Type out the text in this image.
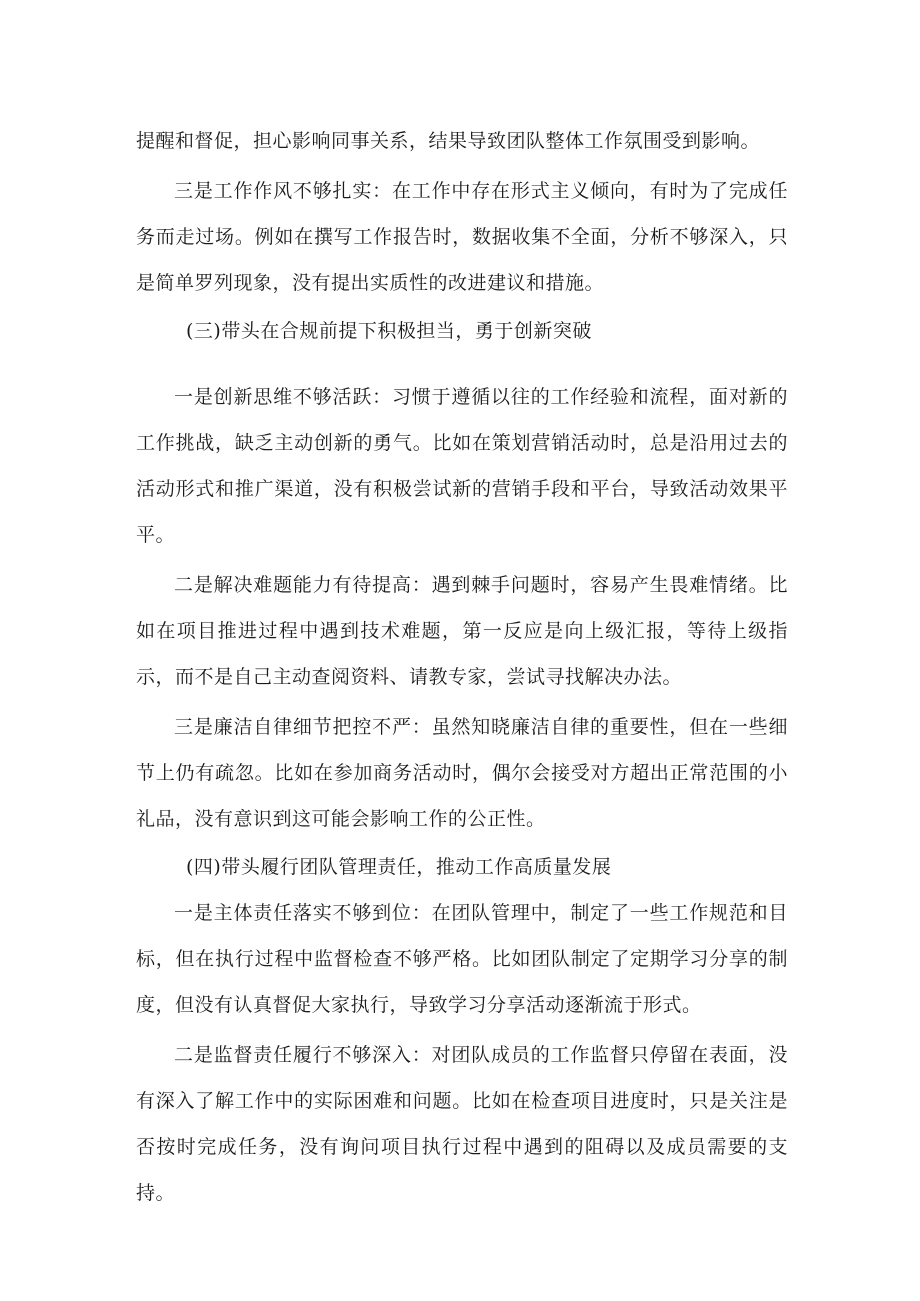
提醒和督促，担心影响同事关系，结果导致团队整体工作氛围受到影响。

三是工作作风不够扎实：在工作中存在形式主义倾向，有时为了完成任务而走过场。例如在撰写工作报告时，数据收集不全面，分析不够深入，只是简单罗列现象，没有提出实质性的改进建议和措施。

(三)带头在合规前提下积极担当，勇于创新突破

一是创新思维不够活跃：习惯于遵循以往的工作经验和流程，面对新的工作挑战，缺乏主动创新的勇气。比如在策划营销活动时，总是沿用过去的活动形式和推广渠道，没有积极尝试新的营销手段和平台，导致活动效果平平。

二是解决难题能力有待提高：遇到棘手问题时，容易产生畏难情绪。比如在项目推进过程中遇到技术难题，第一反应是向上级汇报，等待上级指示，而不是自己主动查阅资料、请教专家，尝试寻找解决办法。

三是廉洁自律细节把控不严：虽然知晓廉洁自律的重要性，但在一些细节上仍有疏忽。比如在参加商务活动时，偶尔会接受对方超出正常范围的小礼品，没有意识到这可能会影响工作的公正性。

(四)带头履行团队管理责任，推动工作高质量发展

一是主体责任落实不够到位：在团队管理中，制定了一些工作规范和目标，但在执行过程中监督检查不够严格。比如团队制定了定期学习分享的制度，但没有认真督促大家执行，导致学习分享活动逐渐流于形式。

二是监督责任履行不够深入：对团队成员的工作监督只停留在表面，没有深入了解工作中的实际困难和问题。比如在检查项目进度时，只是关注是否按时完成任务，没有询问项目执行过程中遇到的阻碍以及成员需要的支持。
